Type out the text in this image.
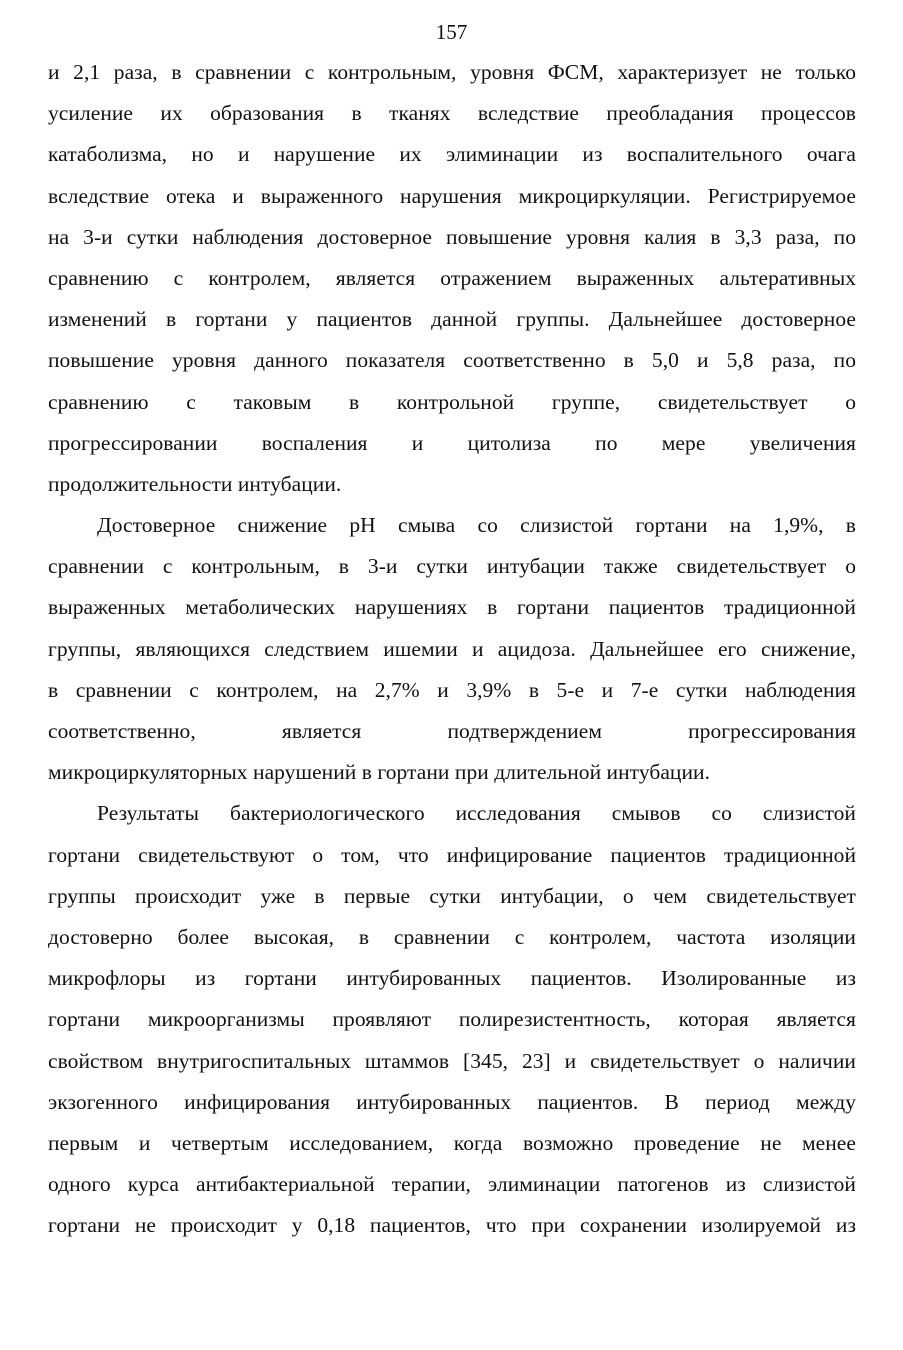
157
и 2,1 раза, в сравнении с контрольным, уровня ФСМ, характеризует не только
усиление их образования в тканях вследствие преобладания процессов
катаболизма, но и нарушение их элиминации из воспалительного очага
вследствие отека и выраженного нарушения микроциркуляции. Регистрируемое
на 3-и сутки наблюдения достоверное повышение уровня калия в 3,3 раза, по
сравнению с контролем, является отражением выраженных альтеративных
изменений в гортани у пациентов данной группы. Дальнейшее достоверное
повышение уровня данного показателя соответственно в 5,0 и 5,8 раза, по
сравнению с таковым в контрольной группе, свидетельствует о
прогрессировании воспаления и цитолиза по мере увеличения
продолжительности интубации.
Достоверное снижение pH смыва со слизистой гортани на 1,9%, в
сравнении с контрольным, в 3-и сутки интубации также свидетельствует о
выраженных метаболических нарушениях в гортани пациентов традиционной
группы, являющихся следствием ишемии и ацидоза. Дальнейшее его снижение,
в сравнении с контролем, на 2,7% и 3,9% в 5-е и 7-е сутки наблюдения
соответственно, является подтверждением прогрессирования
микроциркуляторных нарушений в гортани при длительной интубации.
Результаты бактериологического исследования смывов со слизистой
гортани свидетельствуют о том, что инфицирование пациентов традиционной
группы происходит уже в первые сутки интубации, о чем свидетельствует
достоверно более высокая, в сравнении с контролем, частота изоляции
микрофлоры из гортани интубированных пациентов. Изолированные из
гортани микроорганизмы проявляют полирезистентность, которая является
свойством внутригоспитальных штаммов [345, 23] и свидетельствует о наличии
экзогенного инфицирования интубированных пациентов. В период между
первым и четвертым исследованием, когда возможно проведение не менее
одного курса антибактериальной терапии, элиминации патогенов из слизистой
гортани не происходит у 0,18 пациентов, что при сохранении изолируемой из
